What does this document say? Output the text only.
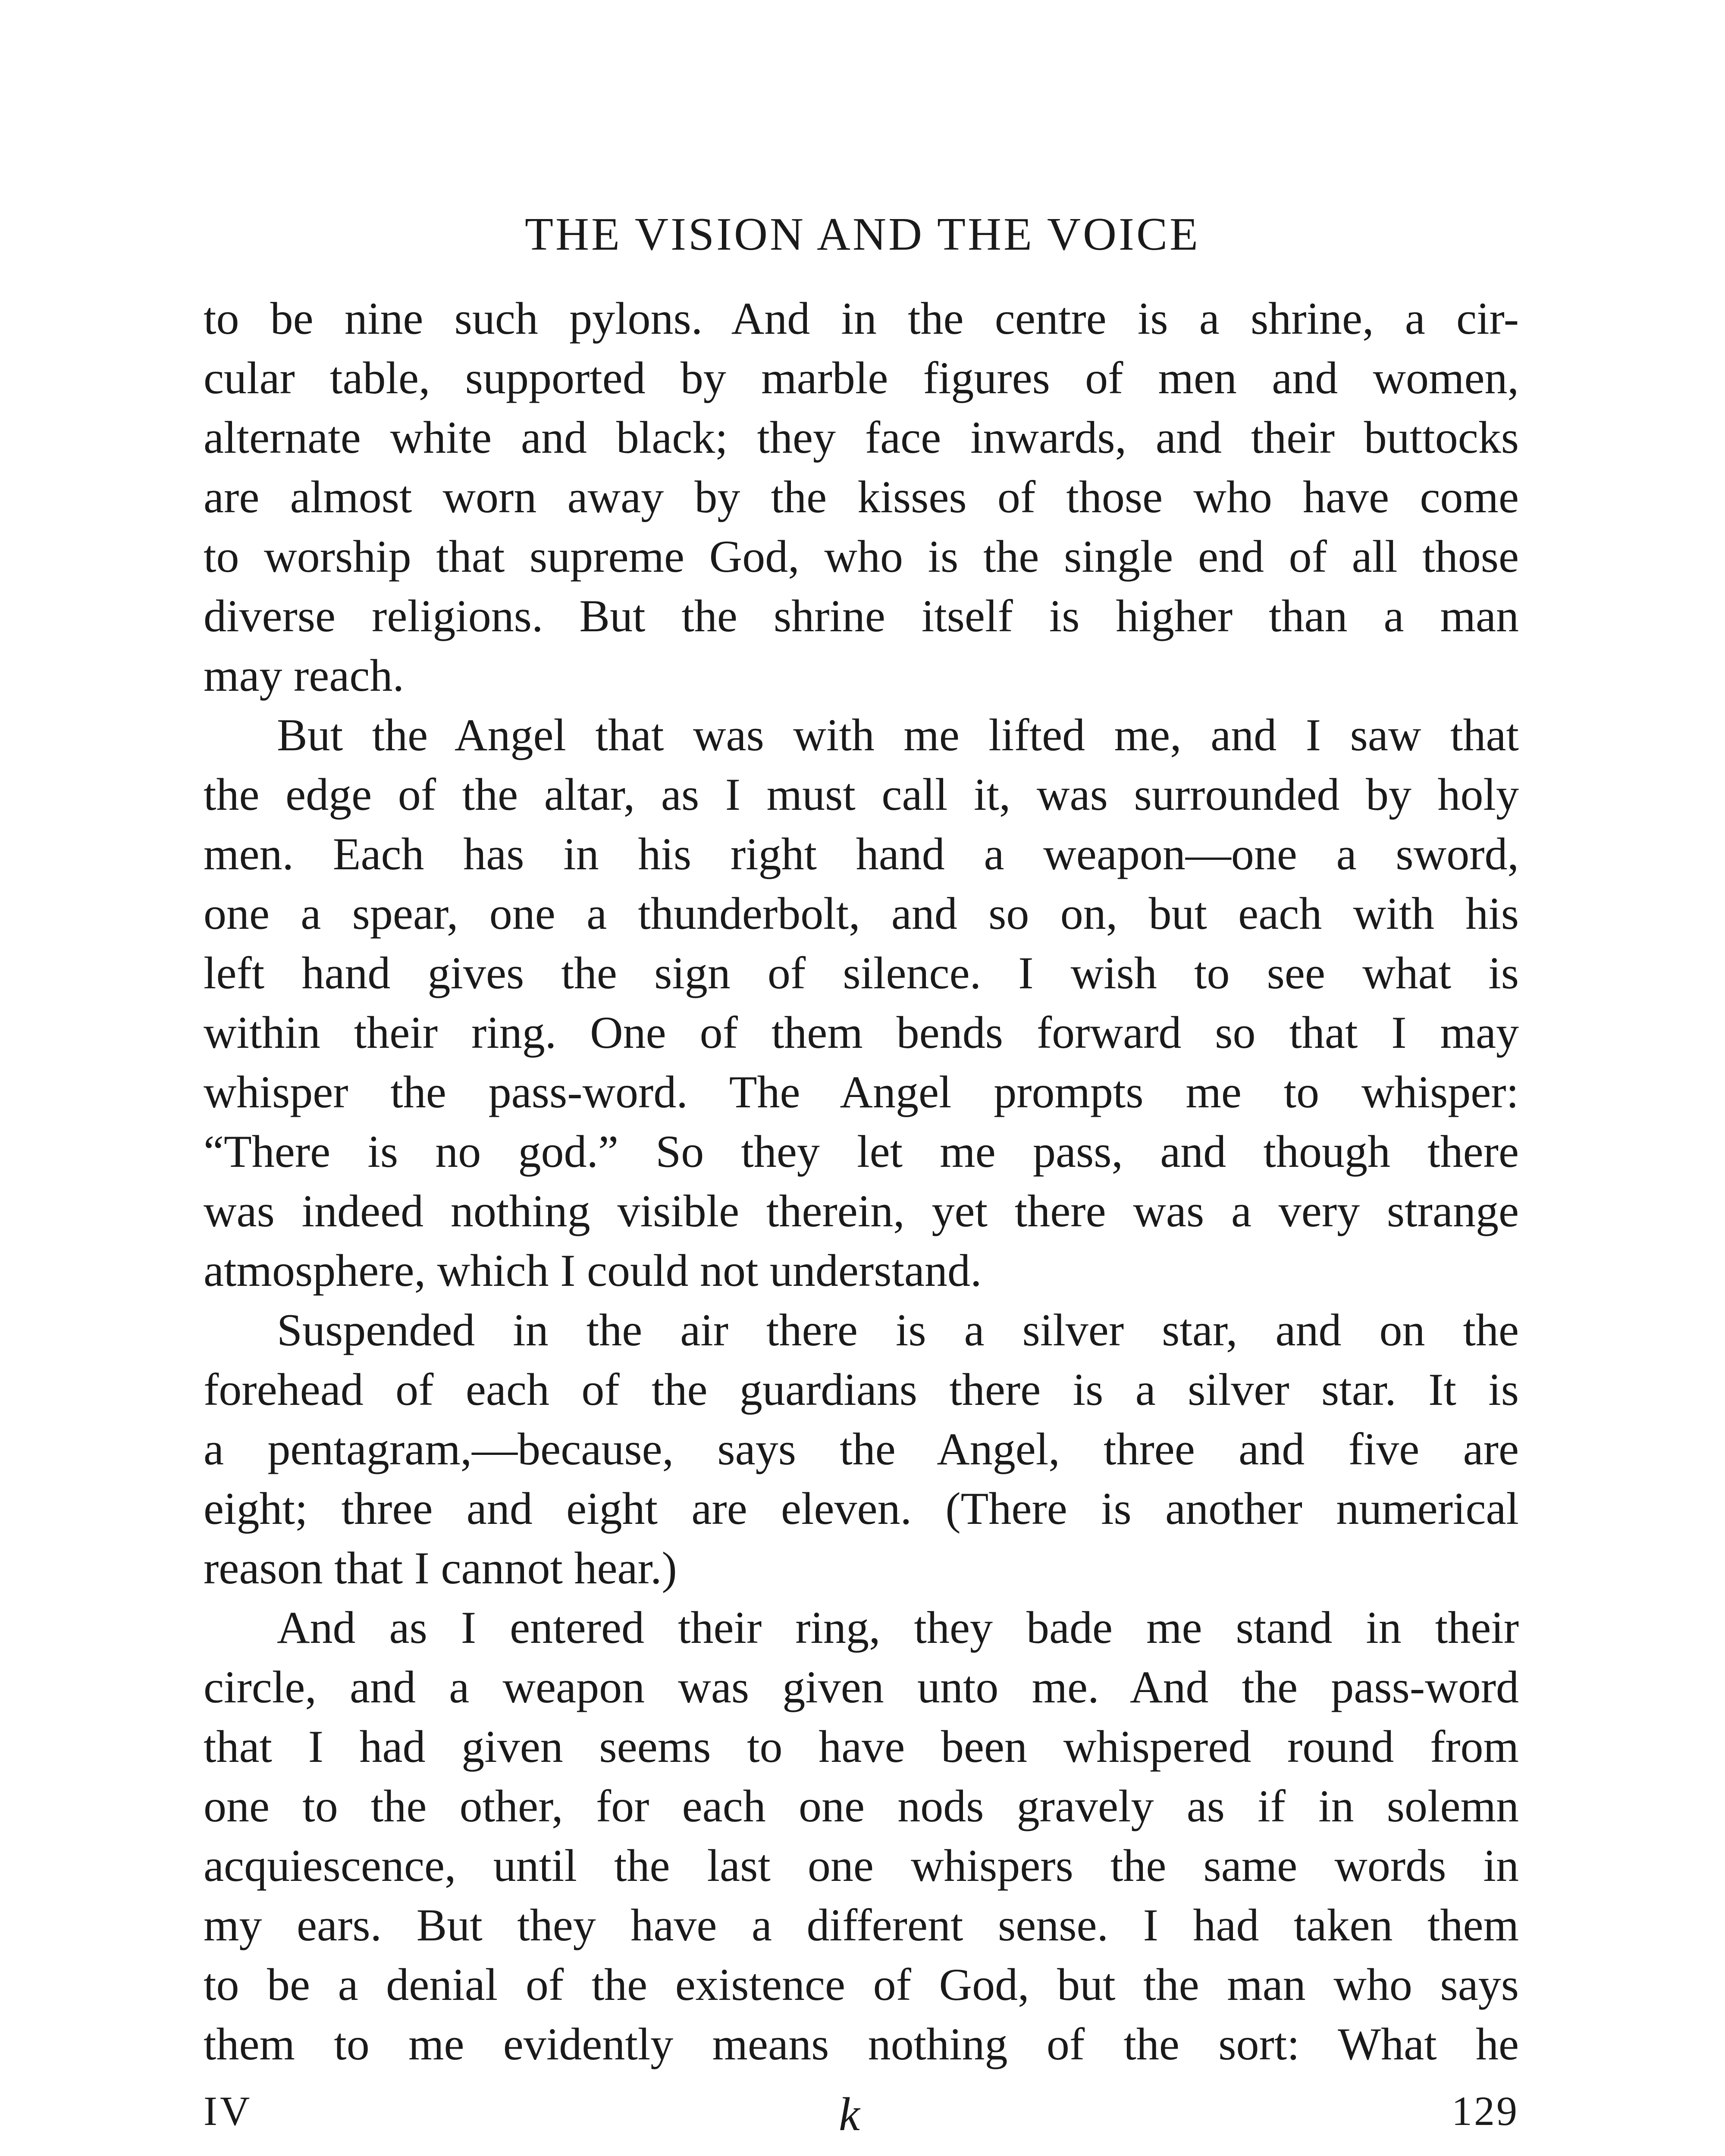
THE VISION AND THE VOICE
to be nine such pylons. And in the centre is a shrine, a cir-
cular table, supported by marble figures of men and women,
alternate white and black; they face inwards, and their buttocks
are almost worn away by the kisses of those who have come
to worship that supreme God, who is the single end of all those
diverse religions. But the shrine itself is higher than a man
may reach.
But the Angel that was with me lifted me, and I saw that
the edge of the altar, as I must call it, was surrounded by holy
men. Each has in his right hand a weapon—one a sword,
one a spear, one a thunderbolt, and so on, but each with his
left hand gives the sign of silence. I wish to see what is
within their ring. One of them bends forward so that I may
whisper the pass-word. The Angel prompts me to whisper:
“There is no god.” So they let me pass, and though there
was indeed nothing visible therein, yet there was a very strange
atmosphere, which I could not understand.
Suspended in the air there is a silver star, and on the
forehead of each of the guardians there is a silver star. It is
a pentagram,—because, says the Angel, three and five are
eight; three and eight are eleven. (There is another numerical
reason that I cannot hear.)
And as I entered their ring, they bade me stand in their
circle, and a weapon was given unto me. And the pass-word
that I had given seems to have been whispered round from
one to the other, for each one nods gravely as if in solemn
acquiescence, until the last one whispers the same words in
my ears. But they have a different sense. I had taken them
to be a denial of the existence of God, but the man who says
them to me evidently means nothing of the sort: What he
IV	k	129
